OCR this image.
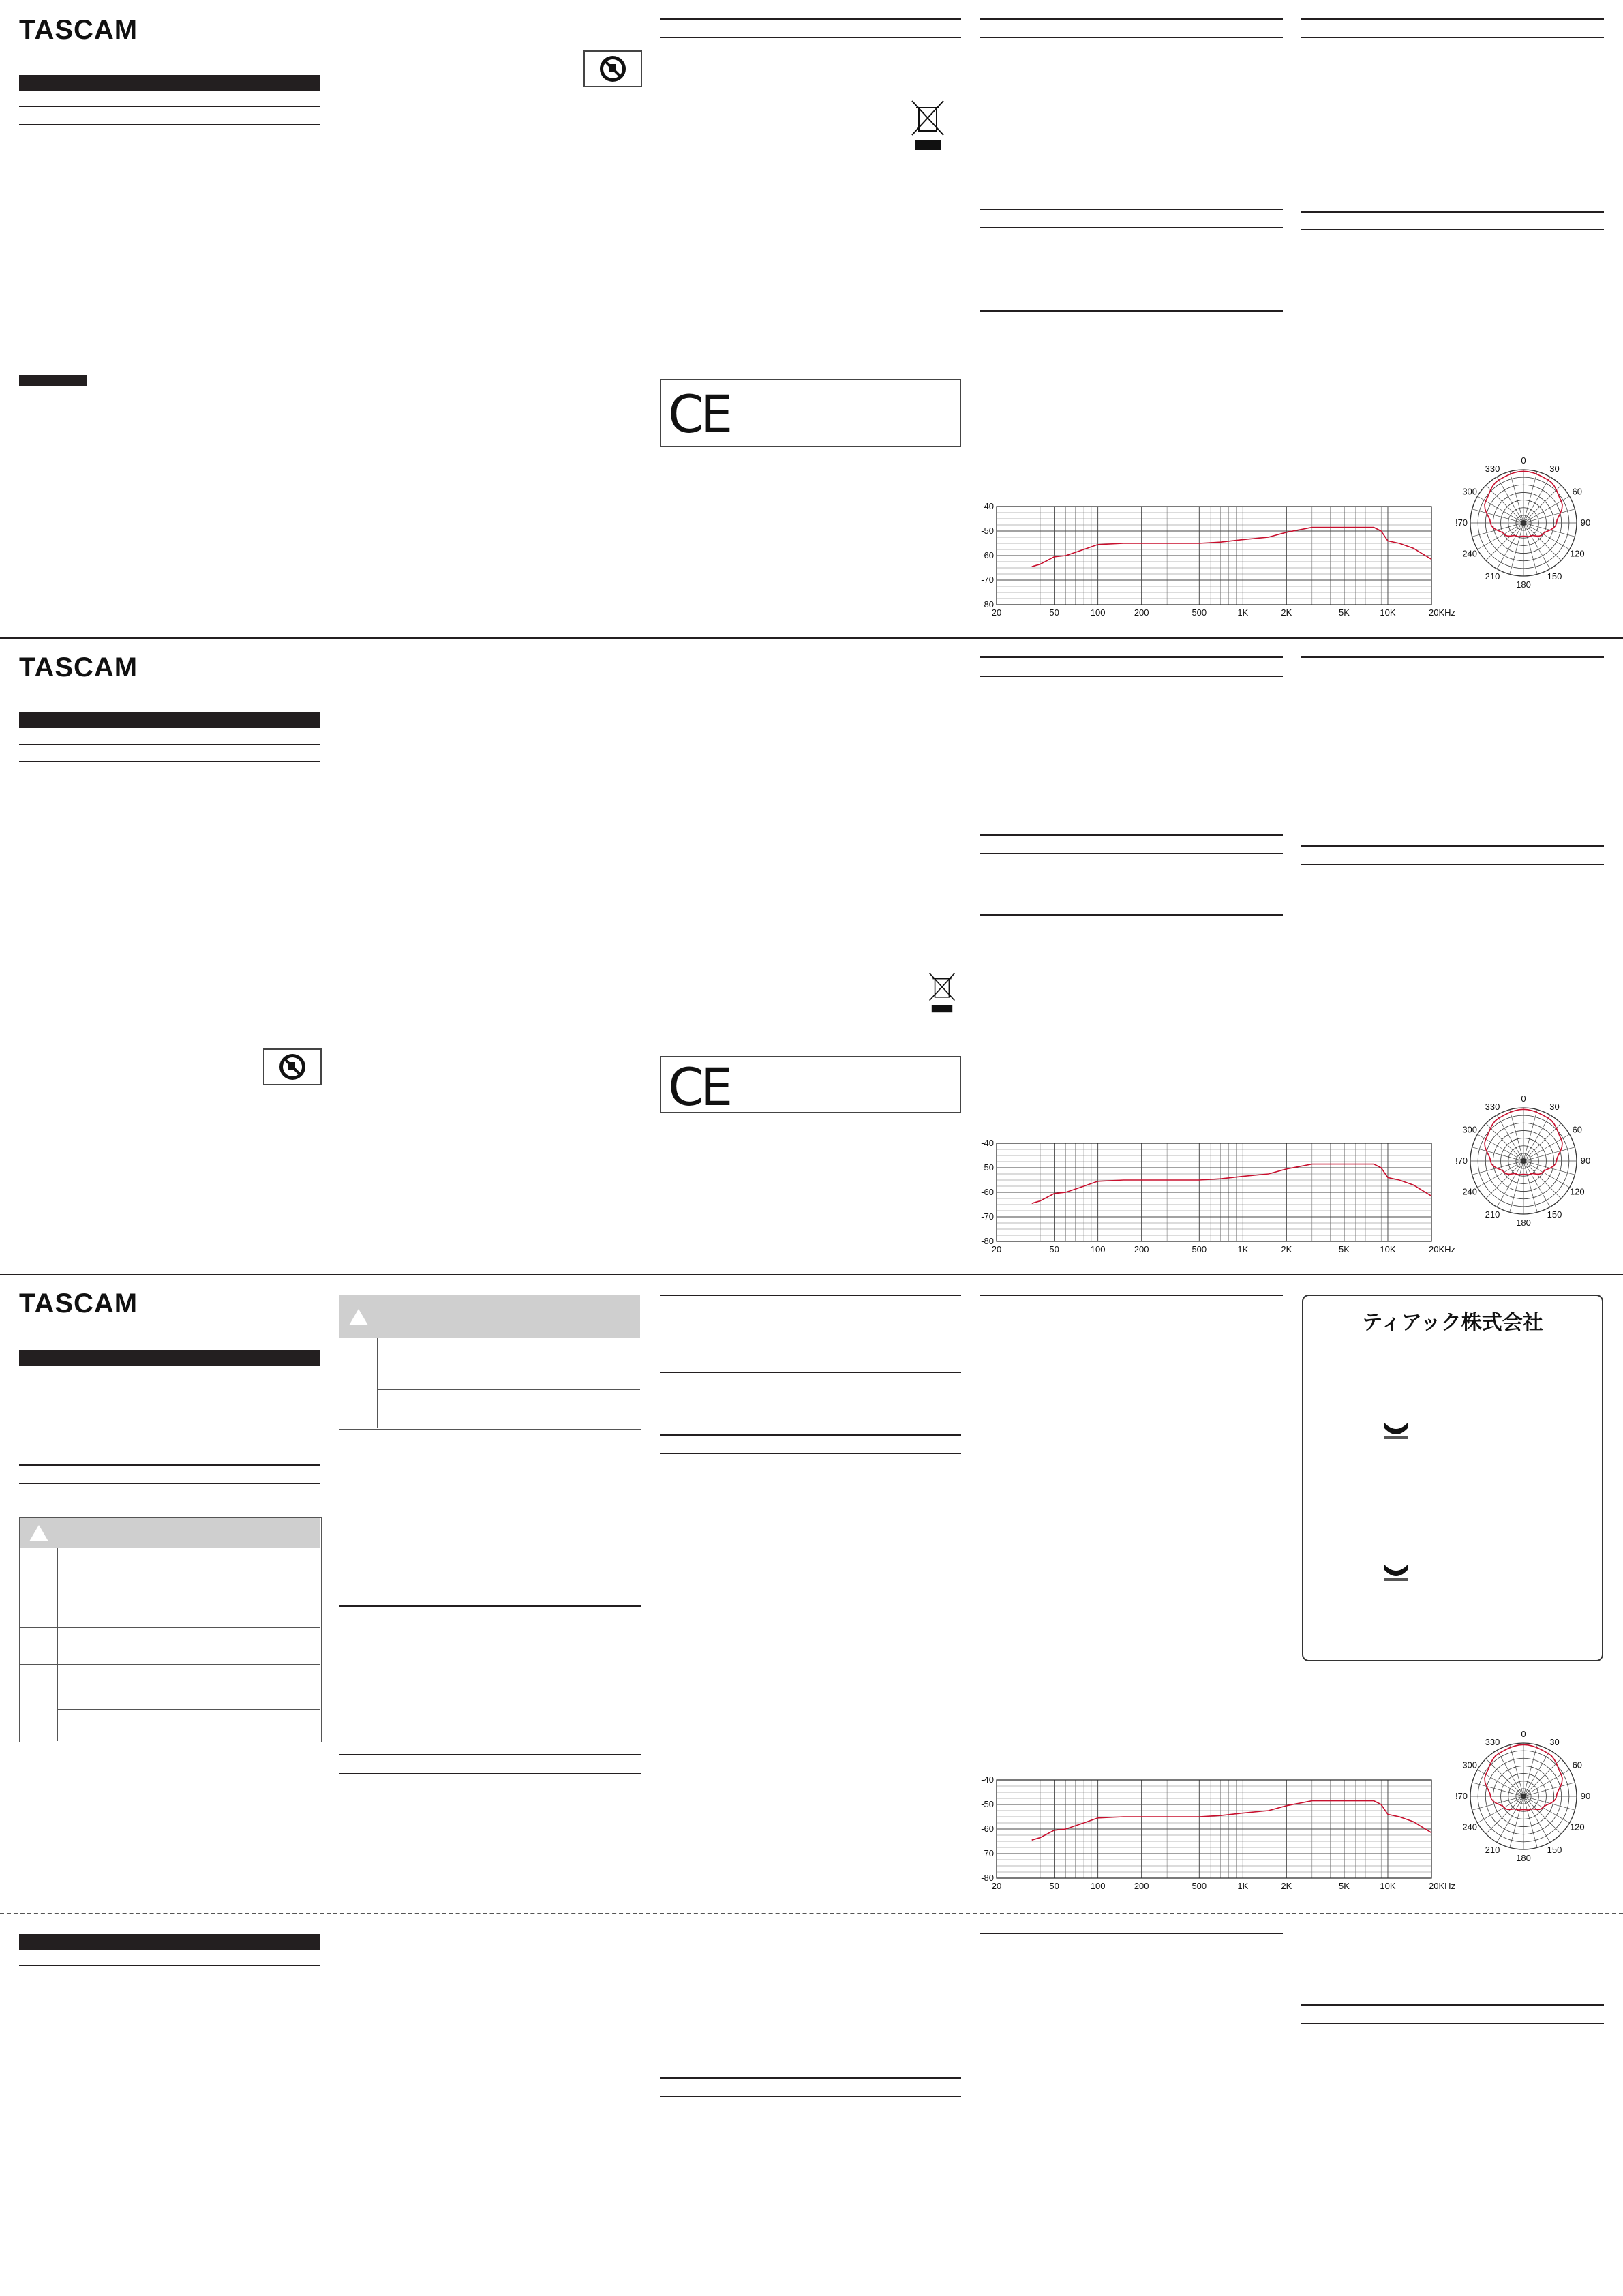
TASCAM
CE
-40
-50
-60
-70
-80
20	50	100	200	500	1K	2K	5K	10K	20KHz
0
30
60
90
120
150
180
210
240
!70
300
330
TASCAM
CE
-40
-50
-60
-70
-80
20	50	100	200	500	1K	2K	5K	10K	20KHz
0
30
60
90
120
150
180
210
240
!70
300
330
TASCAM
ティアック株式会社
-40
-50
-60
-70
-80
20	50	100	200	500	1K	2K	5K	10K	20KHz
0
30
60
90
120
150
180
210
240
!70
300
330
